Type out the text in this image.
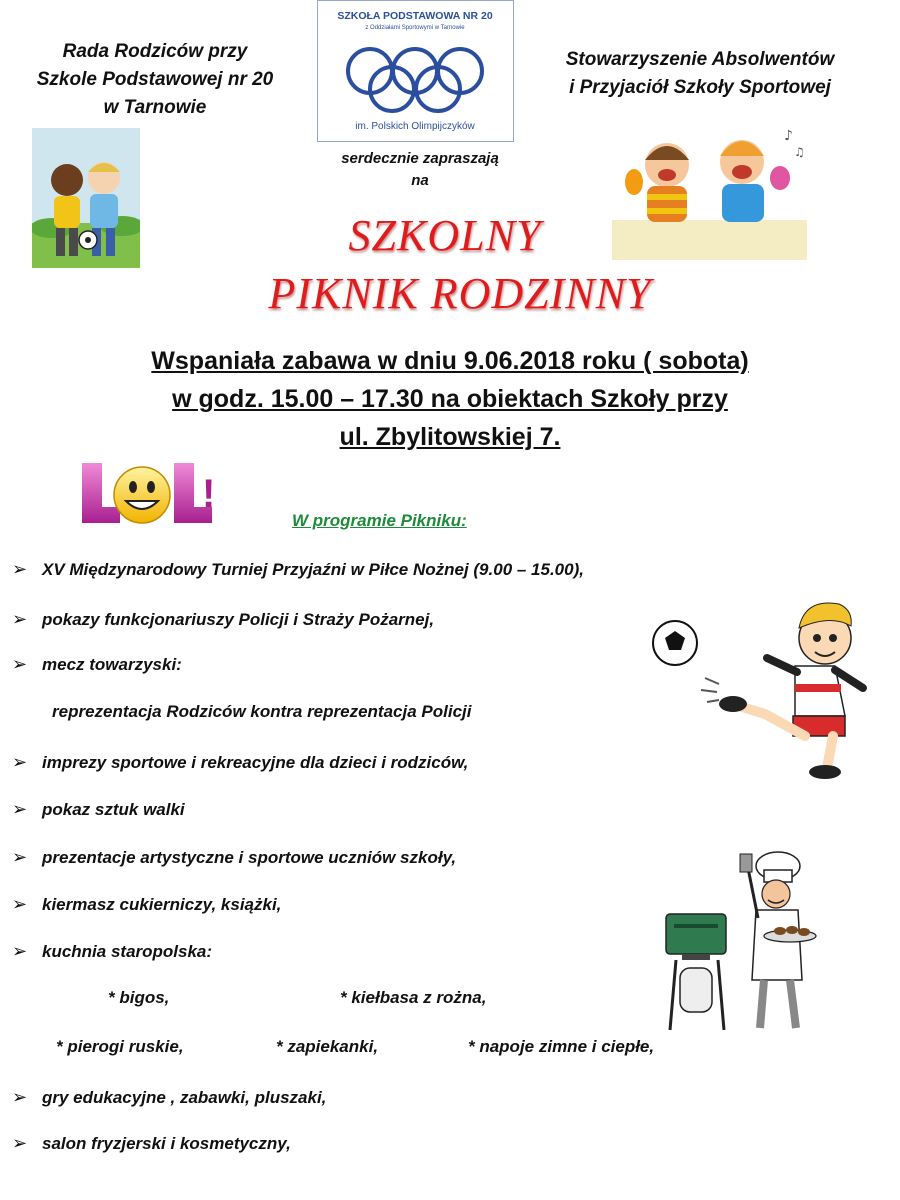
Rada Rodziców przy
Szkole Podstawowej nr 20
w Tarnowie
Stowarzyszenie Absolwentów
i Przyjaciół Szkoły Sportowej
SZKOŁA PODSTAWOWA NR 20
z Oddziałami Sportowymi w Tarnowie
im. Polskich Olimpijczyków
♪
♫
serdecznie zapraszają
na
SZKOLNY
PIKNIK RODZINNY
Wspaniała zabawa w dniu 9.06.2018 roku ( sobota)
w godz. 15.00 – 17.30 na obiektach Szkoły przy
ul. Zbylitowskiej 7.
!
LOL!
W programie Pikniku:
➢ XV Międzynarodowy Turniej Przyjaźni w Piłce Nożnej (9.00 – 15.00),
➢ pokazy funkcjonariuszy Policji i Straży Pożarnej,
➢ mecz towarzyski:
reprezentacja Rodziców kontra reprezentacja Policji
➢ imprezy sportowe i rekreacyjne dla dzieci i rodziców,
➢ pokaz sztuk walki
➢ prezentacje artystyczne i sportowe uczniów szkoły,
➢ kiermasz cukierniczy, książki,
➢ kuchnia staropolska:
* bigos,	* kiełbasa z rożna,
* pierogi ruskie,	* zapiekanki,	* napoje zimne i ciepłe,
➢ gry edukacyjne , zabawki, pluszaki,
➢ salon fryzjerski i kosmetyczny,
